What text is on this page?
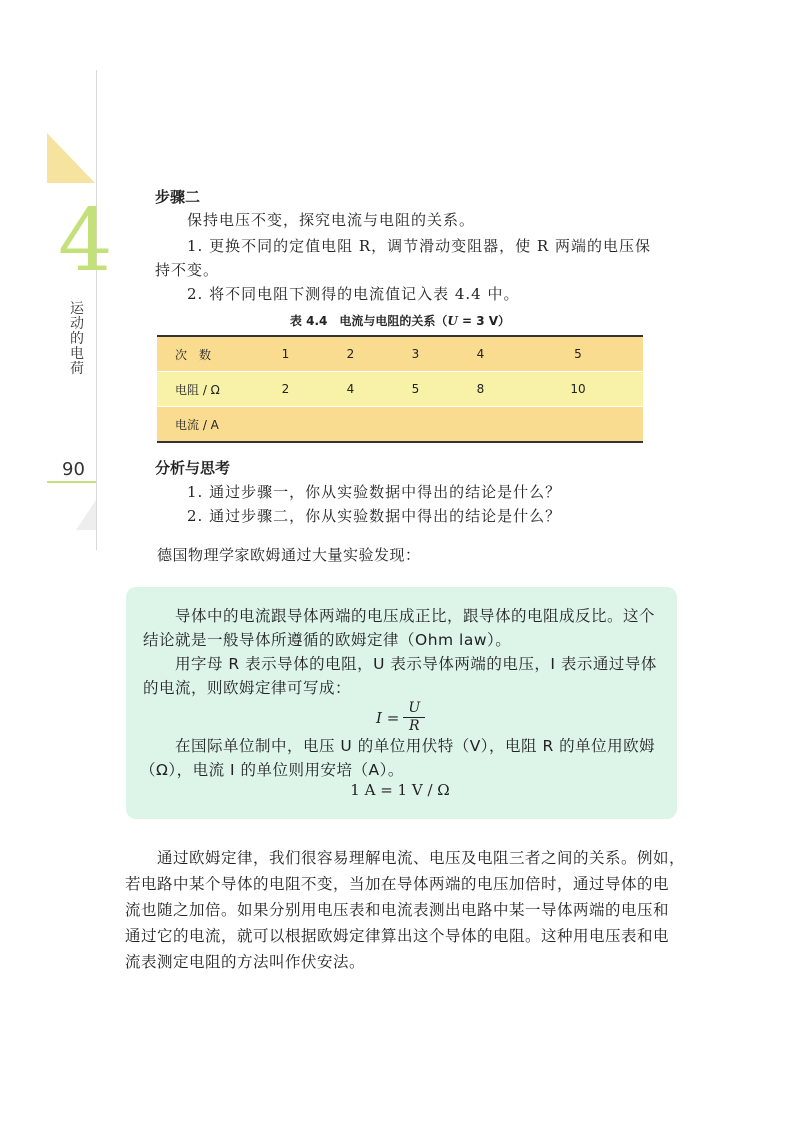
4
运动的电荷
90
步骤二
保持电压不变，探究电流与电阻的关系。
1. 更换不同的定值电阻 R，调节滑动变阻器，使 R 两端的电压保持不变。
2. 将不同电阻下测得的电流值记入表 4.4 中。
表 4.4　电流与电阻的关系（U = 3 V）
次　数	1	2	3	4	5
电阻 / Ω	2	4	5	8	10
电流 / A					
分析与思考
1. 通过步骤一，你从实验数据中得出的结论是什么？
2. 通过步骤二，你从实验数据中得出的结论是什么？
德国物理学家欧姆通过大量实验发现：
导体中的电流跟导体两端的电压成正比，跟导体的电阻成反比。这个
结论就是一般导体所遵循的欧姆定律（Ohm law）。
用字母 R 表示导体的电阻，U 表示导体两端的电压，I 表示通过导体
的电流，则欧姆定律可写成：
$I = \frac{U}{R}$
在国际单位制中，电压 U 的单位用伏特（V），电阻 R 的单位用欧姆
（Ω），电流 I 的单位则用安培（A）。
1 A = 1 V / Ω
通过欧姆定律，我们很容易理解电流、电压及电阻三者之间的关系。例如，
若电路中某个导体的电阻不变，当加在导体两端的电压加倍时，通过导体的电
流也随之加倍。如果分别用电压表和电流表测出电路中某一导体两端的电压和
通过它的电流，就可以根据欧姆定律算出这个导体的电阻。这种用电压表和电
流表测定电阻的方法叫作伏安法。
